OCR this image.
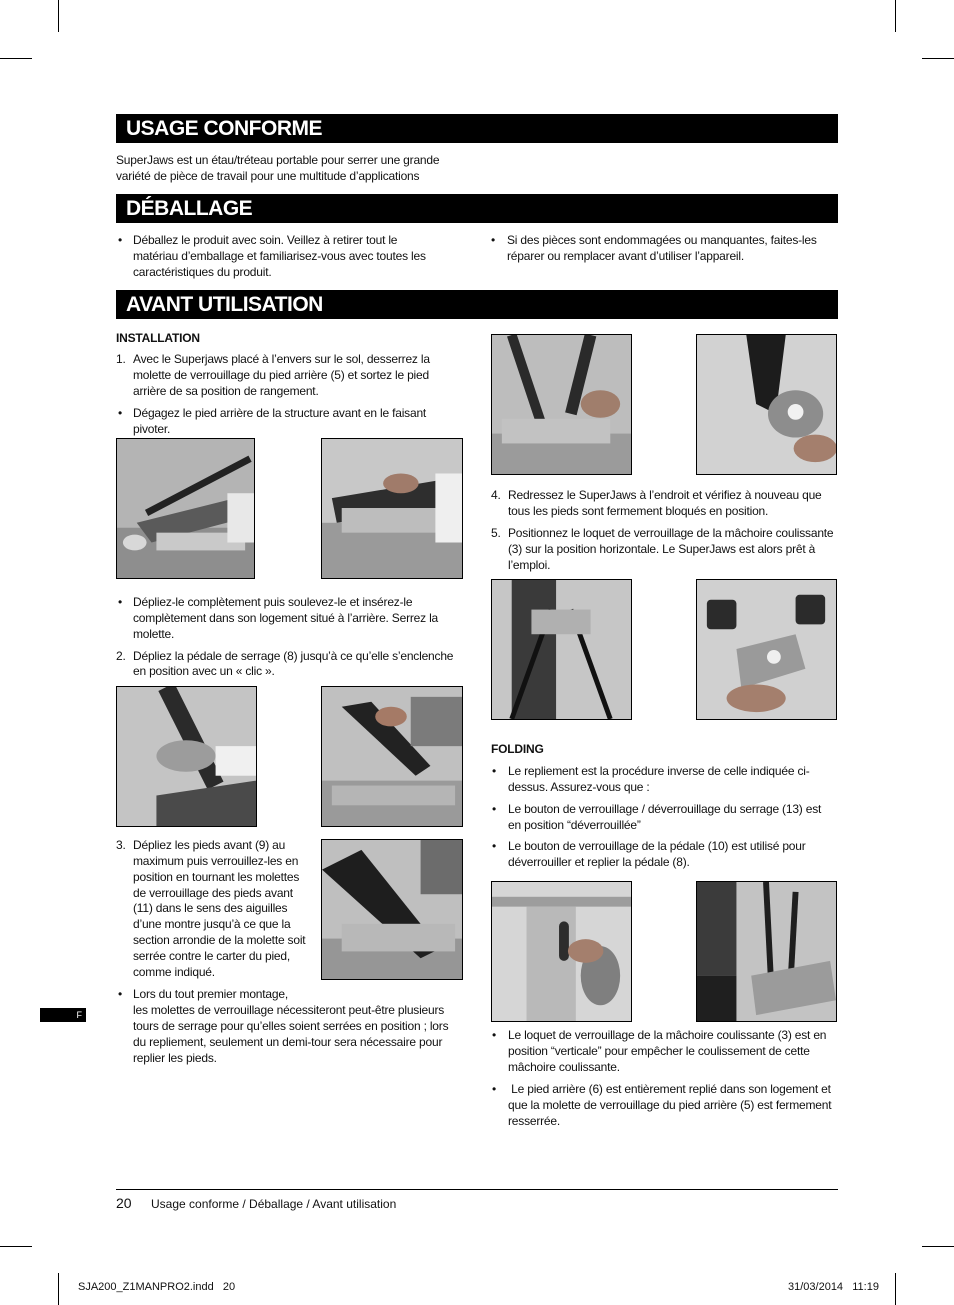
USAGE CONFORME
SuperJaws est un étau/tréteau portable pour serrer une grande
variété de pièce de travail pour une multitude d’applications
DÉBALLAGE
• Déballez le produit avec soin. Veillez à retirer tout le
matériau d’emballage et familiarisez-vous avec toutes les
caractéristiques du produit.
• Si des pièces sont endommagées ou manquantes, faites-les
réparer ou remplacer avant d’utiliser l’appareil.
AVANT UTILISATION
INSTALLATION
1. Avec le Superjaws placé à l’envers sur le sol, desserrez la
molette de verrouillage du pied arrière (5) et sortez le pied
arrière de sa position de rangement.
• Dégagez le pied arrière de la structure avant en le faisant
pivoter.
• Dépliez-le complètement puis soulevez-le et insérez-le
complètement dans son logement situé à l’arrière. Serrez la
molette.
2. Dépliez la pédale de serrage (8) jusqu’à ce qu’elle s’enclenche
en position avec un « clic ».
3. Dépliez les pieds avant (9) au
maximum puis verrouillez-les en
position en tournant les molettes
de verrouillage des pieds avant
(11) dans le sens des aiguilles
d’une montre jusqu’à ce que la
section arrondie de la molette soit
serrée contre le carter du pied,
comme indiqué.
• Lors du tout premier montage,
les molettes de verrouillage nécessiteront peut-être plusieurs
tours de serrage pour qu’elles soient serrées en position ; lors
du repliement, seulement un demi-tour sera nécessaire pour
replier les pieds.
4. Redressez le SuperJaws à l’endroit et vérifiez à nouveau que
tous les pieds sont fermement bloqués en position.
5. Positionnez le loquet de verrouillage de la mâchoire coulissante
(3) sur la position horizontale. Le SuperJaws est alors prêt à
l’emploi.
FOLDING
• Le repliement est la procédure inverse de celle indiquée ci-
dessus. Assurez-vous que :
• Le bouton de verrouillage / déverrouillage du serrage (13) est
en position “déverrouillée”
• Le bouton de verrouillage de la pédale (10) est utilisé pour
déverrouiller et replier la pédale (8).
• Le loquet de verrouillage de la mâchoire coulissante (3) est en
position “verticale” pour empêcher le coulissement de cette
mâchoire coulissante.
• Le pied arrière (6) est entièrement replié dans son logement et
que la molette de verrouillage du pied arrière (5) est fermement
resserrée.
F
20 Usage conforme / Déballage / Avant utilisation
SJA200_Z1MANPRO2.indd   20	31/03/2014   11:19
